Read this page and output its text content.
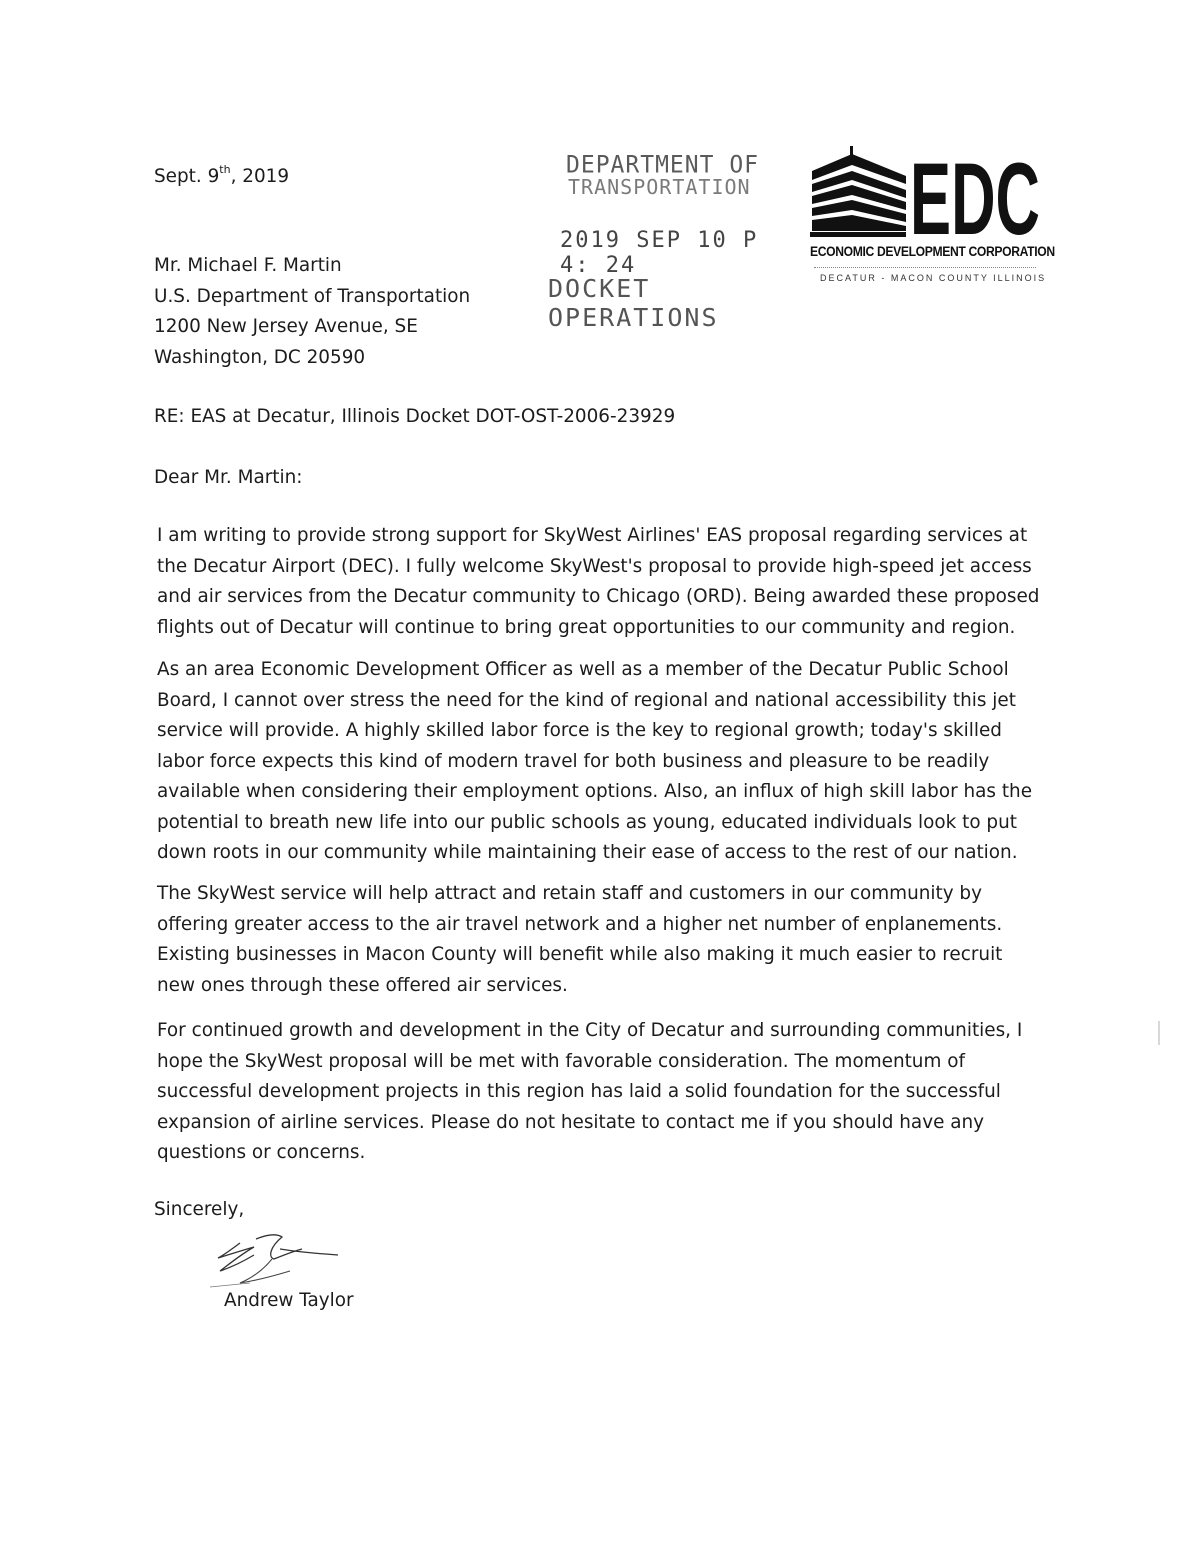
Sept. 9th, 2019	DEPARTMENT OF
TRANSPORTATION
2019 SEP 10 P 4: 24
DOCKET OPERATIONS
EDC
ECONOMIC DEVELOPMENT CORPORATION
DECATUR - MACON COUNTY ILLINOIS
Mr. Michael F. Martin
U.S. Department of Transportation
1200 New Jersey Avenue, SE
Washington, DC 20590
RE: EAS at Decatur, Illinois Docket DOT-OST-2006-23929
Dear Mr. Martin:
I am writing to provide strong support for SkyWest Airlines' EAS proposal regarding services at
the Decatur Airport (DEC). I fully welcome SkyWest's proposal to provide high-speed jet access
and air services from the Decatur community to Chicago (ORD). Being awarded these proposed
flights out of Decatur will continue to bring great opportunities to our community and region.
As an area Economic Development Officer as well as a member of the Decatur Public School
Board, I cannot over stress the need for the kind of regional and national accessibility this jet
service will provide. A highly skilled labor force is the key to regional growth; today's skilled
labor force expects this kind of modern travel for both business and pleasure to be readily
available when considering their employment options. Also, an influx of high skill labor has the
potential to breath new life into our public schools as young, educated individuals look to put
down roots in our community while maintaining their ease of access to the rest of our nation.
The SkyWest service will help attract and retain staff and customers in our community by
offering greater access to the air travel network and a higher net number of enplanements.
Existing businesses in Macon County will benefit while also making it much easier to recruit
new ones through these offered air services.
For continued growth and development in the City of Decatur and surrounding communities, I
hope the SkyWest proposal will be met with favorable consideration. The momentum of
successful development projects in this region has laid a solid foundation for the successful
expansion of airline services. Please do not hesitate to contact me if you should have any
questions or concerns.
Sincerely,
Andrew Taylor
